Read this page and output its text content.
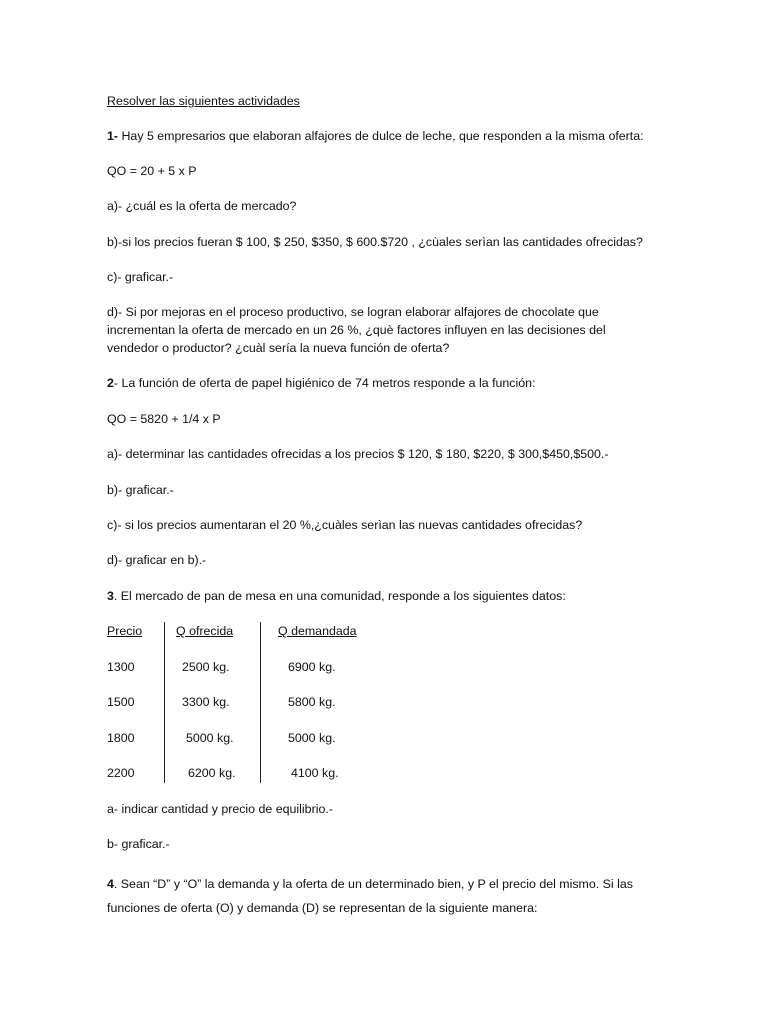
Resolver las siguientes actividades
1- Hay 5 empresarios que elaboran alfajores de dulce de leche, que responden a la misma oferta:
QO = 20 + 5 x P
a)- ¿cuál es la oferta de mercado?
b)-si los precios fueran $ 100, $ 250, $350, $ 600.$720 , ¿cùales serìan las cantidades ofrecidas?
c)- graficar.-
d)- Si por mejoras en el proceso productivo, se logran elaborar alfajores de chocolate que
incrementan la oferta de mercado en un 26 %, ¿què factores influyen en las decisiones del
vendedor o productor? ¿cuàl sería la nueva función de oferta?
2- La función de oferta de papel higiénico de 74 metros responde a la función:
QO = 5820 + 1/4 x P
a)- determinar las cantidades ofrecidas a los precios $ 120, $ 180, $220, $ 300,$450,$500.-
b)- graficar.-
c)- si los precios aumentaran el 20 %,¿cuàles serìan las nuevas cantidades ofrecidas?
d)- graficar en b).-
3. El mercado de pan de mesa en una comunidad, responde a los siguientes datos:
Precio	Q ofrecida	Q demandada
1300	2500 kg.	6900 kg.
1500	3300 kg.	5800 kg.
1800	5000 kg.	5000 kg.
2200	6200 kg.	4100 kg.
a- indicar cantidad y precio de equilibrio.-
b- graficar.-
4. Sean “D” y “O” la demanda y la oferta de un determinado bien, y P el precio del mismo. Si las
funciones de oferta (O) y demanda (D) se representan de la siguiente manera:
